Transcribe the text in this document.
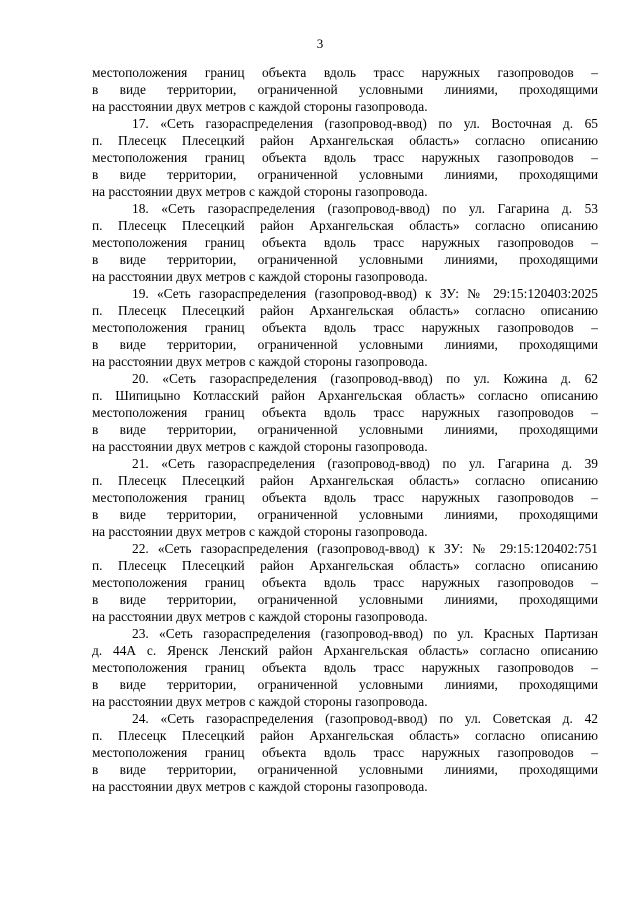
3
местоположения границ объекта вдоль трасс наружных газопроводов –
в виде территории, ограниченной условными линиями, проходящими
на расстоянии двух метров с каждой стороны газопровода.
17. «Сеть газораспределения (газопровод-ввод) по ул. Восточная д. 65
п. Плесецк Плесецкий район Архангельская область» согласно описанию
местоположения границ объекта вдоль трасс наружных газопроводов –
в виде территории, ограниченной условными линиями, проходящими
на расстоянии двух метров с каждой стороны газопровода.
18. «Сеть газораспределения (газопровод-ввод) по ул. Гагарина д. 53
п. Плесецк Плесецкий район Архангельская область» согласно описанию
местоположения границ объекта вдоль трасс наружных газопроводов –
в виде территории, ограниченной условными линиями, проходящими
на расстоянии двух метров с каждой стороны газопровода.
19. «Сеть газораспределения (газопровод-ввод) к ЗУ: № 29:15:120403:2025
п. Плесецк Плесецкий район Архангельская область» согласно описанию
местоположения границ объекта вдоль трасс наружных газопроводов –
в виде территории, ограниченной условными линиями, проходящими
на расстоянии двух метров с каждой стороны газопровода.
20. «Сеть газораспределения (газопровод-ввод) по ул. Кожина д. 62
п. Шипицыно Котласский район Архангельская область» согласно описанию
местоположения границ объекта вдоль трасс наружных газопроводов –
в виде территории, ограниченной условными линиями, проходящими
на расстоянии двух метров с каждой стороны газопровода.
21. «Сеть газораспределения (газопровод-ввод) по ул. Гагарина д. 39
п. Плесецк Плесецкий район Архангельская область» согласно описанию
местоположения границ объекта вдоль трасс наружных газопроводов –
в виде территории, ограниченной условными линиями, проходящими
на расстоянии двух метров с каждой стороны газопровода.
22. «Сеть газораспределения (газопровод-ввод) к ЗУ: № 29:15:120402:751
п. Плесецк Плесецкий район Архангельская область» согласно описанию
местоположения границ объекта вдоль трасс наружных газопроводов –
в виде территории, ограниченной условными линиями, проходящими
на расстоянии двух метров с каждой стороны газопровода.
23. «Сеть газораспределения (газопровод-ввод) по ул. Красных Партизан
д. 44А с. Яренск Ленский район Архангельская область» согласно описанию
местоположения границ объекта вдоль трасс наружных газопроводов –
в виде территории, ограниченной условными линиями, проходящими
на расстоянии двух метров с каждой стороны газопровода.
24. «Сеть газораспределения (газопровод-ввод) по ул. Советская д. 42
п. Плесецк Плесецкий район Архангельская область» согласно описанию
местоположения границ объекта вдоль трасс наружных газопроводов –
в виде территории, ограниченной условными линиями, проходящими
на расстоянии двух метров с каждой стороны газопровода.
